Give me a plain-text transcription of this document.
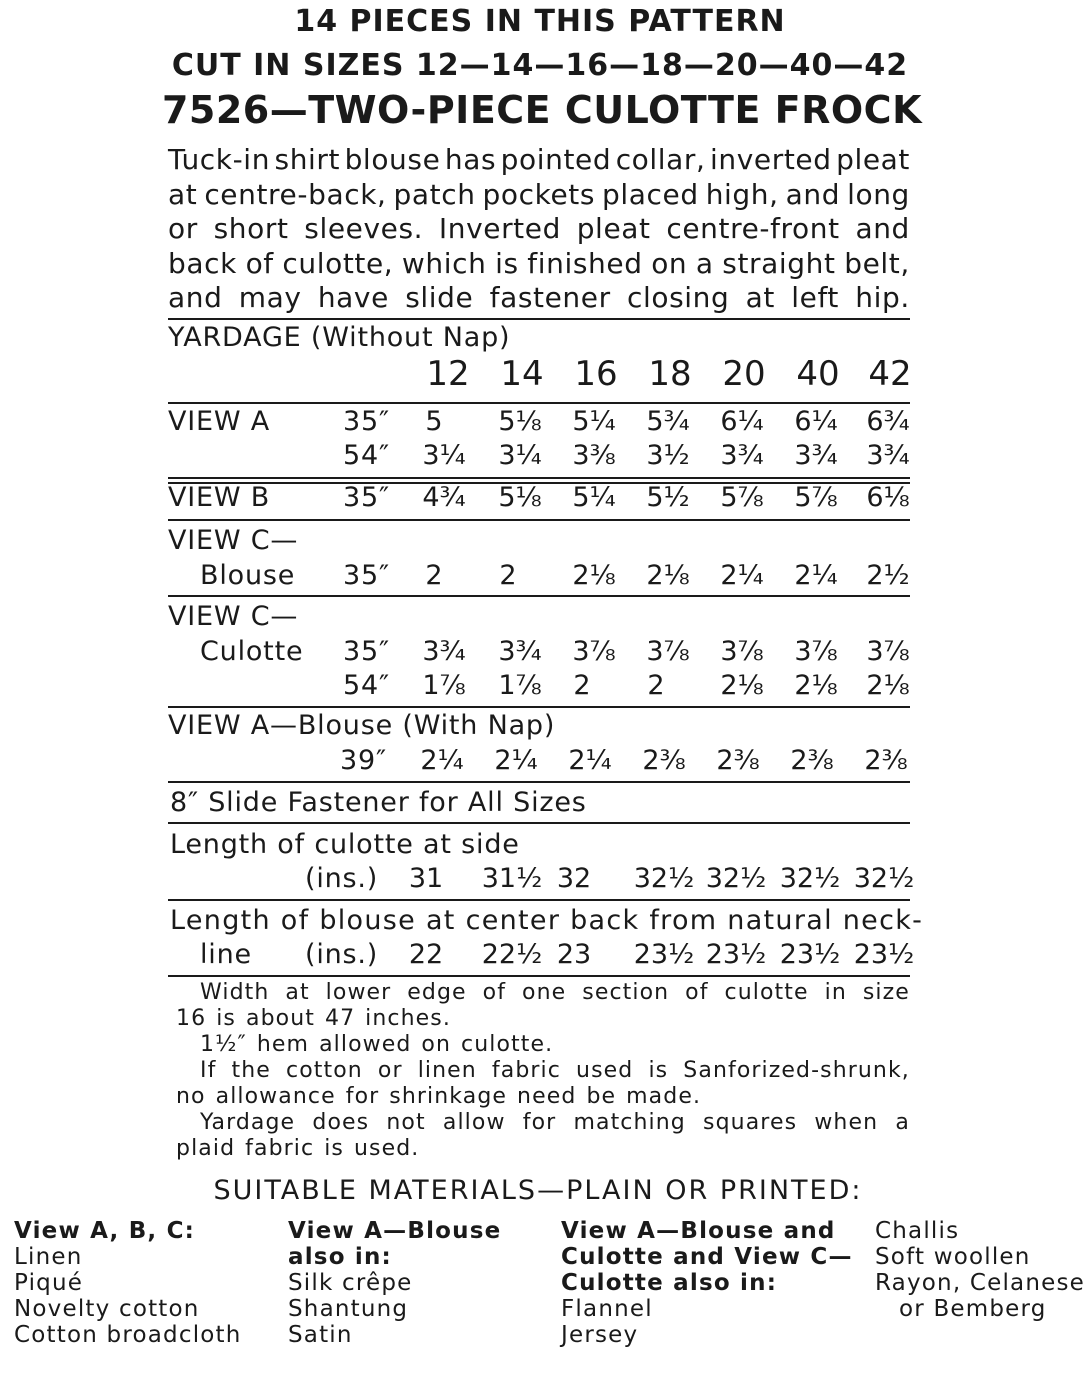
14 PIECES IN THIS PATTERN
CUT IN SIZES 12—14—16—18—20—40—42
7526—TWO-PIECE CULOTTE FROCK
Tuck-in shirt blouse has pointed collar, inverted pleat
at centre-back, patch pockets placed high, and long
or short sleeves. Inverted pleat centre-front and
back of culotte, which is finished on a straight belt,
and may have slide fastener closing at left hip.
YARDAGE (Without Nap)
12 14 16 18 20 40 42
VIEW A	35″	5	5⅛	5¼	5¾	6¼	6¼	6¾
54″	3¼	3¼	3⅜	3½	3¾	3¾	3¾
VIEW B	35″	4¾	5⅛	5¼	5½	5⅞	5⅞	6⅛
VIEW C—
Blouse 35″	2	2	2⅛	2⅛	2¼	2¼	2½
VIEW C—
Culotte 35″	3¾	3¾	3⅞	3⅞	3⅞	3⅞	3⅞
54″	1⅞	1⅞	2	2	2⅛	2⅛	2⅛
VIEW A—Blouse (With Nap)
39″	2¼	2¼	2¼	2⅜	2⅜	2⅜	2⅜
8″ Slide Fastener for All Sizes
Length of culotte at side
(ins.)	31	31½ 32	32½ 32½ 32½ 32½
Length of blouse at center back from natural neck-
line (ins.)	22	22½ 23	23½ 23½ 23½ 23½
Width at lower edge of one section of culotte in size
16 is about 47 inches.
1½″ hem allowed on culotte.
If the cotton or linen fabric used is Sanforized-shrunk,
no allowance for shrinkage need be made.
Yardage does not allow for matching squares when a
plaid fabric is used.
SUITABLE MATERIALS—PLAIN OR PRINTED:
View A, B, C:
Linen
Piqué
Novelty cotton
Cotton broadcloth
View A—Blouse
also in:
Silk crêpe
Shantung
Satin
View A—Blouse and
Culotte and View C—
Culotte also in:
Flannel
Jersey
Challis
Soft woollen
Rayon, Celanese
or Bemberg
